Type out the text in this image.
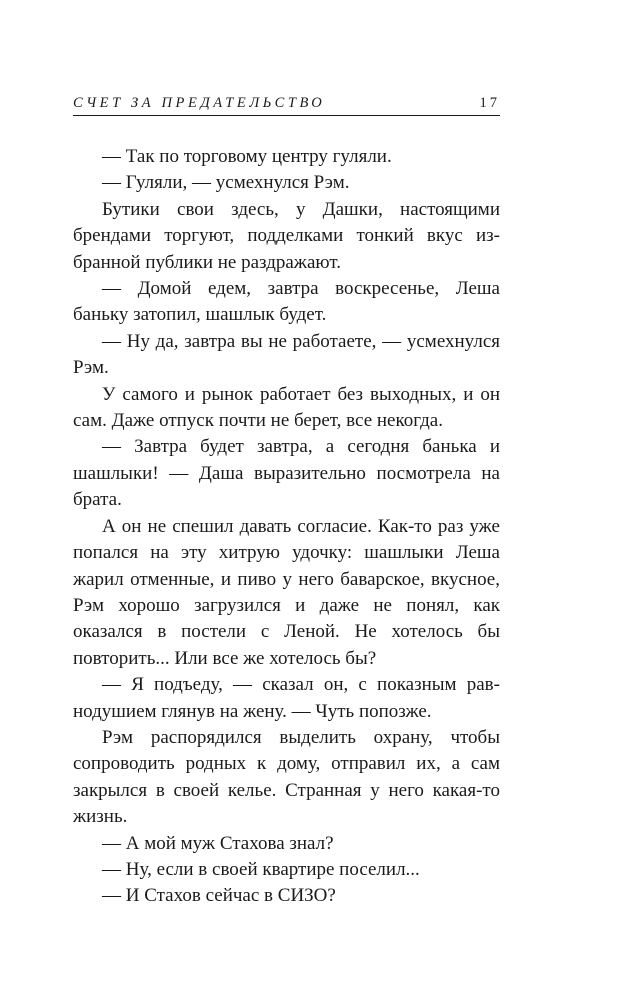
СЧЕТ ЗА ПРЕДАТЕЛЬСТВО	17

— Так по торговому центру гуляли.

— Гуляли, — усмехнулся Рэм.

Бутики свои здесь, у Дашки, настоящими брендами торгуют, подделками тонкий вкус избранной публики не раздражают.

— Домой едем, завтра воскресенье, Леша баньку затопил, шашлык будет.

— Ну да, завтра вы не работаете, — усмехнулся Рэм.

У самого и рынок работает без выходных, и он сам. Даже отпуск почти не берет, все некогда.

— Завтра будет завтра, а сегодня банька и шашлыки! — Даша выразительно посмотрела на брата.

А он не спешил давать согласие. Как-то раз уже попался на эту хитрую удочку: шашлыки Леша жарил отменные, и пиво у него баварское, вкусное, Рэм хорошо загрузился и даже не понял, как оказался в постели с Леной. Не хотелось бы повторить... Или все же хотелось бы?

— Я подъеду, — сказал он, с показным равнодушием глянув на жену. — Чуть попозже.

Рэм распорядился выделить охрану, чтобы сопроводить родных к дому, отправил их, а сам закрылся в своей келье. Странная у него какая-то жизнь.

— А мой муж Стахова знал?

— Ну, если в своей квартире поселил...

— И Стахов сейчас в СИЗО?
